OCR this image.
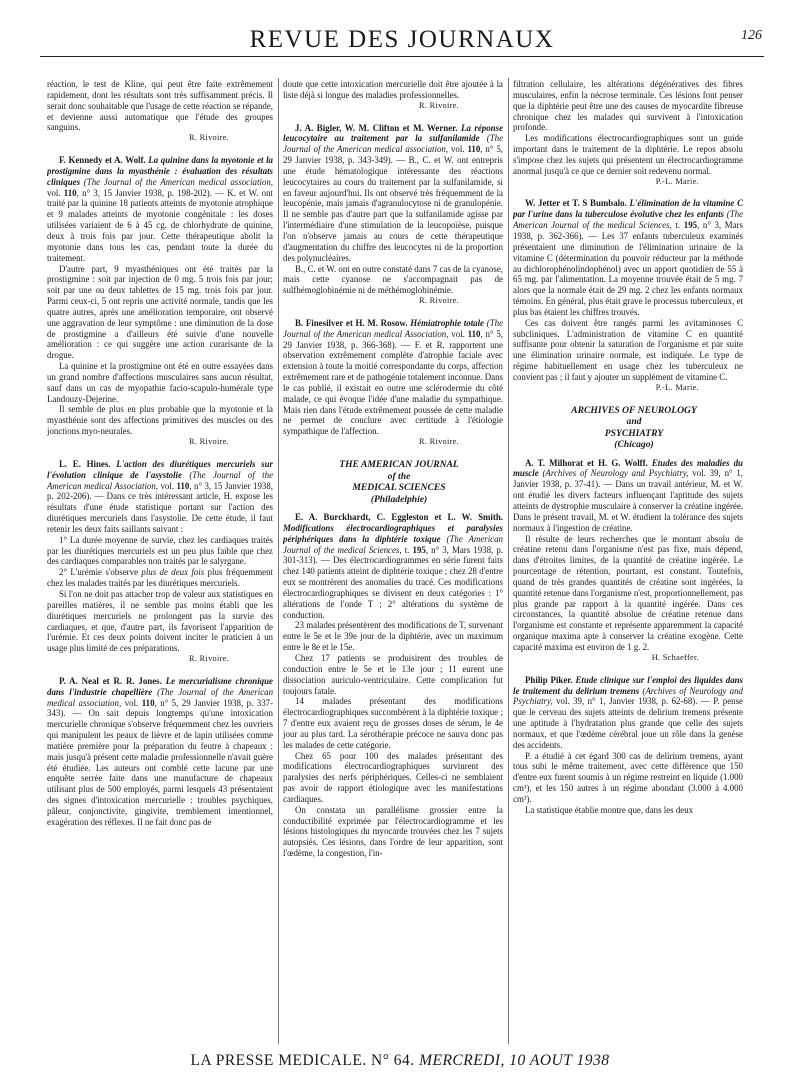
REVUE DES JOURNAUX	126

réaction, le test de Kline, qui peut être faite extrêmement rapidement, dont les résultats sont très suffisamment précis. Il serait donc souhaitable que l'usage de cette réaction se répande, et devienne aussi automatique que l'étude des groupes sanguins.

R. Rivoire.

F. Kennedy et A. Wolf. La quinine dans la myotonie et la prostigmine dans la myasthénie : évaluation des résultats cliniques (The Journal of the American medical association, vol. 110, n° 3, 15 Janvier 1938, p. 198-202). — K. et W. ont traité par la quinine 18 patients atteints de myotonie atrophique et 9 malades atteints de myotonie congénitale : les doses utilisées variaient de 6 à 45 cg. de chlorhydrate de quinine, deux à trois fois par jour. Cette thérapeutique abolit la myotonie dans tous les cas, pendant toute la durée du traitement.

D'autre part, 9 myasthéniques ont été traités par la prostigmine : soit par injection de 0 mg. 5 trois fois par jour; soit par une ou deux tablettes de 15 mg. trois fois par jour. Parmi ceux-ci, 5 ont repris une activité normale, tandis que les quatre autres, après une amélioration temporaire, ont observé une aggravation de leur symptôme : une diminution de la dose de prostigmine a d'ailleurs été suivie d'une nouvelle amélioration : ce qui suggère une action curarisante de la drogue.

La quinine et la prostigmine ont été en outre essayées dans un grand nombre d'affections musculaires sans aucun résultat, sauf dans un cas de myopathie facio-scapulo-humérale type Landouzy-Dejerine.

Il semble de plus en plus probable que la myotonie et la myasthénie sont des affections primitives des muscles ou des jonctions myo-neurales.

R. Rivoire.

L. E. Hines. L'action des diurétiques mercuriels sur l'évolution clinique de l'asystolie (The Journal of the American medical Association, vol. 110, n° 3, 15 Janvier 1938, p. 202-206). — Dans ce très intéressant article, H. expose les résultats d'une étude statistique portant sur l'action des diurétiques mercuriels dans l'asystolie. De cette étude, il faut retenir les deux faits saillants suivant :

1° La durée moyenne de survie, chez les cardiaques traités par les diurétiques mercuriels est un peu plus faible que chez des cardiaques comparables non traités par le salyrgane.

2° L'urémie s'observe plus de deux fois plus fréquemment chez les malades traités par les diurétiques mercuriels.

Si l'on ne doit pas attacher trop de valeur aux statistiques en pareilles matières, il ne semble pas moins établi que les diurétiques mercuriels ne prolongent pas la survie des cardiaques, et que, d'autre part, ils favorisent l'apparition de l'urémie. Et ces deux points doivent inciter le praticien à un usage plus limité de ces préparations.

R. Rivoire.

P. A. Neal et R. R. Jones. Le mercurialisme chronique dans l'industrie chapellière (The Journal of the American medical association, vol. 110, n° 5, 29 Janvier 1938, p. 337-343). — On sait depuis longtemps qu'une intoxication mercurielle chronique s'observe fréquemment chez les ouvriers qui manipulent les peaux de lièvre et de lapin utilisées comme matière première pour la préparation du feutre à chapeaux : mais jusqu'à présent cette maladie professionnelle n'avait guère été étudiée. Les auteurs ont comblé cette lacune par une enquête serrée faite dans une manufacture de chapeaux utilisant plus de 500 employés, parmi lesquels 43 présentaient des signes d'intoxication mercurielle : troubles psychiques, pâleur, conjonctivite, gingivite, tremblement intentionnel, exagération des réflexes. Il ne fait donc pas de

doute que cette intoxication mercurielle doit être ajoutée à la liste déjà si longue des maladies professionnelles.

R. Rivoire.

J. A. Bigler, W. M. Clifton et M. Werner. La réponse leucocytaire au traitement par la sulfanilamide (The Journal of the American medical association, vol. 110, n° 5, 29 Janvier 1938, p. 343-349). — B., C. et W. ont entrepris une étude hématologique intéressante des réactions leucocytaires au cours du traitement par la sulfanilamide, si en faveur aujourd'hui. Ils ont observé très fréquemment de la leucopénie, mais jamais d'agranulocytose ni de granulopénie. Il ne semble pas d'autre part que la sulfanilamide agisse par l'intermédiaire d'une stimulation de la leucopoïèse, puisque l'on n'observe jamais au cours de cette thérapeutique d'augmentation du chiffre des leucocytes ni de la proportion des polynucléaires.

B., C. et W. ont en outre constaté dans 7 cas de la cyanose, mais cette cyanose ne s'accompagnait pas de sulfhémoglobinémie ni de méthémoglobinémie.

R. Rivoire.

B. Finesilver et H. M. Rosow. Hémiatrophie totale (The Journal of the American medical Association, vol. 110, n° 5, 29 Janvier 1938, p. 366-368). — F. et R. rapportent une observation extrêmement complète d'atrophie faciale avec extension à toute la moitié correspondante du corps, affection extrêmement rare et de pathogénie totalement inconnue. Dans le cas publié, il existait en outre une sclérodermie du côté malade, ce qui évoque l'idée d'une maladie du sympathique. Mais rien dans l'étude extrêmement poussée de cette maladie ne permet de conclure avec certitude à l'étiologie sympathique de l'affection.

R. Rivoire.

THE AMERICAN JOURNAL

of the

MEDICAL SCIENCES

(Philadelphie)

E. A. Burckhardt, C. Eggleston et L. W. Smith. Modifications électrocardiographiques et paralysies périphériques dans la diphtérie toxique (The American Journal of the medical Sciences, t. 195, n° 3, Mars 1938, p. 301-313). — Des électrocardiogrammes en série furent faits chez 140 patients atteint de diphtérie toxique ; chez 28 d'entre eux se montrèrent des anomalies du tracé. Ces modifications électrocardiographiques se divisent en deux catégories : 1° altérations de l'onde T ; 2° altérations du système de conduction.

23 malades présentèrent des modifications de T, survenant entre le 5e et le 39e jour de la diphtérie, avec un maximum entre le 8e et le 15e.

Chez 17 patients se produisirent des troubles de conduction entre le 5e et le 13e jour ; 11 eurent une dissociation auriculo-ventriculaire. Cette complication fut toujours fatale.

14 malades présentant des modifications électrocardiographiques succombèrent à la diphtérie toxique ; 7 d'entre eux avaient reçu de grosses doses de sérum, le 4e jour au plus tard. La sérothérapie précoce ne sauva donc pas les malades de cette catégorie.

Chez 65 pour 100 des malades présentant des modifications électrocardiographiques survinrent des paralysies des nerfs périphériques. Celles-ci ne semblaient pas avoir de rapport étiologique avec les manifestations cardiaques.

On constata un parallélisme grossier entre la conductibilité exprimée par l'électrocardiogramme et les lésions histologiques du myocarde trouvées chez les 7 sujets autopsiés. Ces lésions, dans l'ordre de leur apparition, sont l'œdème, la congestion, l'in-

filtration cellulaire, les altérations dégénératives des fibres musculaires, enfin la nécrose terminale. Ces lésions font penser que la diphtérie peut être une des causes de myocardite fibreuse chronique chez les malades qui survivent à l'intoxication profonde.

Les modifications électrocardiographiques sont un guide important dans le traitement de la diphtérie. Le repos absolu s'impose chez les sujets qui présentent un électrocardiogramme anormal jusqu'à ce que ce dernier soit redevenu normal.

P.-L. Marie.

W. Jetter et T. S Bumbalo. L'élimination de la vitamine C par l'urine dans la tuberculose évolutive chez les enfants (The American Journal of the medical Sciences, t. 195, n° 3, Mars 1938, p. 362-366). — Les 37 enfants tuberculeux examinés présentaient une diminution de l'élimination urinaire de la vitamine C (détermination du pouvoir réducteur par la méthode au dichlorophénolindophénol) avec un apport quotidien de 55 à 65 mg. par l'alimentation. La moyenne trouvée était de 5 mg. 7 alors que la normale était de 29 mg. 2 chez les enfants normaux témoins. En général, plus était grave le processus tuberculeux, et plus bas étaient les chiffres trouvés.

Ces cas doivent être rangés parmi les avitaminoses C subcliniques. L'administration de vitamine C en quantité suffisante pour obtenir la saturation de l'organisme et par suite une élimination urinaire normale, est indiquée. Le type de régime habituellement en usage chez les tuberculeux ne convient pas ; il faut y ajouter un supplément de vitamine C.

P.-L. Marie.

ARCHIVES OF NEUROLOGY

and

PSYCHIATRY

(Chicago)

A. T. Milhorat et H. G. Wolff. Etudes des maladies du muscle (Archives of Neurology and Psychiatry, vol. 39, n° 1, Janvier 1938, p. 37-41). — Dans un travail antérieur, M. et W. ont étudié les divers facteurs influençant l'aptitude des sujets atteints de dystrophie musculaire à conserver la créatine ingérée. Dans le présent travail, M. et W. étudient la tolérance des sujets normaux à l'ingestion de créatine.

Il résulte de leurs recherches que le montant absolu de créatine retenu dans l'organisme n'est pas fixe, mais dépend, dans d'étroites limites, de la quantité de créatine ingérée. Le pourcentage de rétention, pourtant, est constant. Toutefois, quand de très grandes quantités de créatine sont ingérées, la quantité retenue dans l'organisme n'est, proportionnellement, pas plus grande par rapport à la quantité ingérée. Dans ces circonstances, la quantité absolue de créatine retenue dans l'organisme est constante et représente apparemment la capacité organique maxima apte à conserver la créatine exogène. Cette capacité maxima est environ de 1 g. 2.

H. Schaeffer.

Philip Piker. Etude clinique sur l'emploi des liquides dans le traitement du delirium tremens (Archives of Neurology and Psychiatry, vol. 39, n° 1, Janvier 1938, p. 62-68). — P. pense que le cerveau des sujets atteints de delirium tremens présente une aptitude à l'hydratation plus grande que celle des sujets normaux, et que l'œdème cérébral joue un rôle dans la genèse des accidents.

P. a étudié à cet égard 300 cas de delirium tremens, ayant tous subi le même traitement, avec cette différence que 150 d'entre eux furent soumis à un régime restreint en liquide (1.000 cm³), et les 150 autres à un régime abondant (3.000 à 4.000 cm³).

La statistique établie montre que, dans les deux

LA PRESSE MEDICALE. N° 64. MERCREDI, 10 AOUT 1938
